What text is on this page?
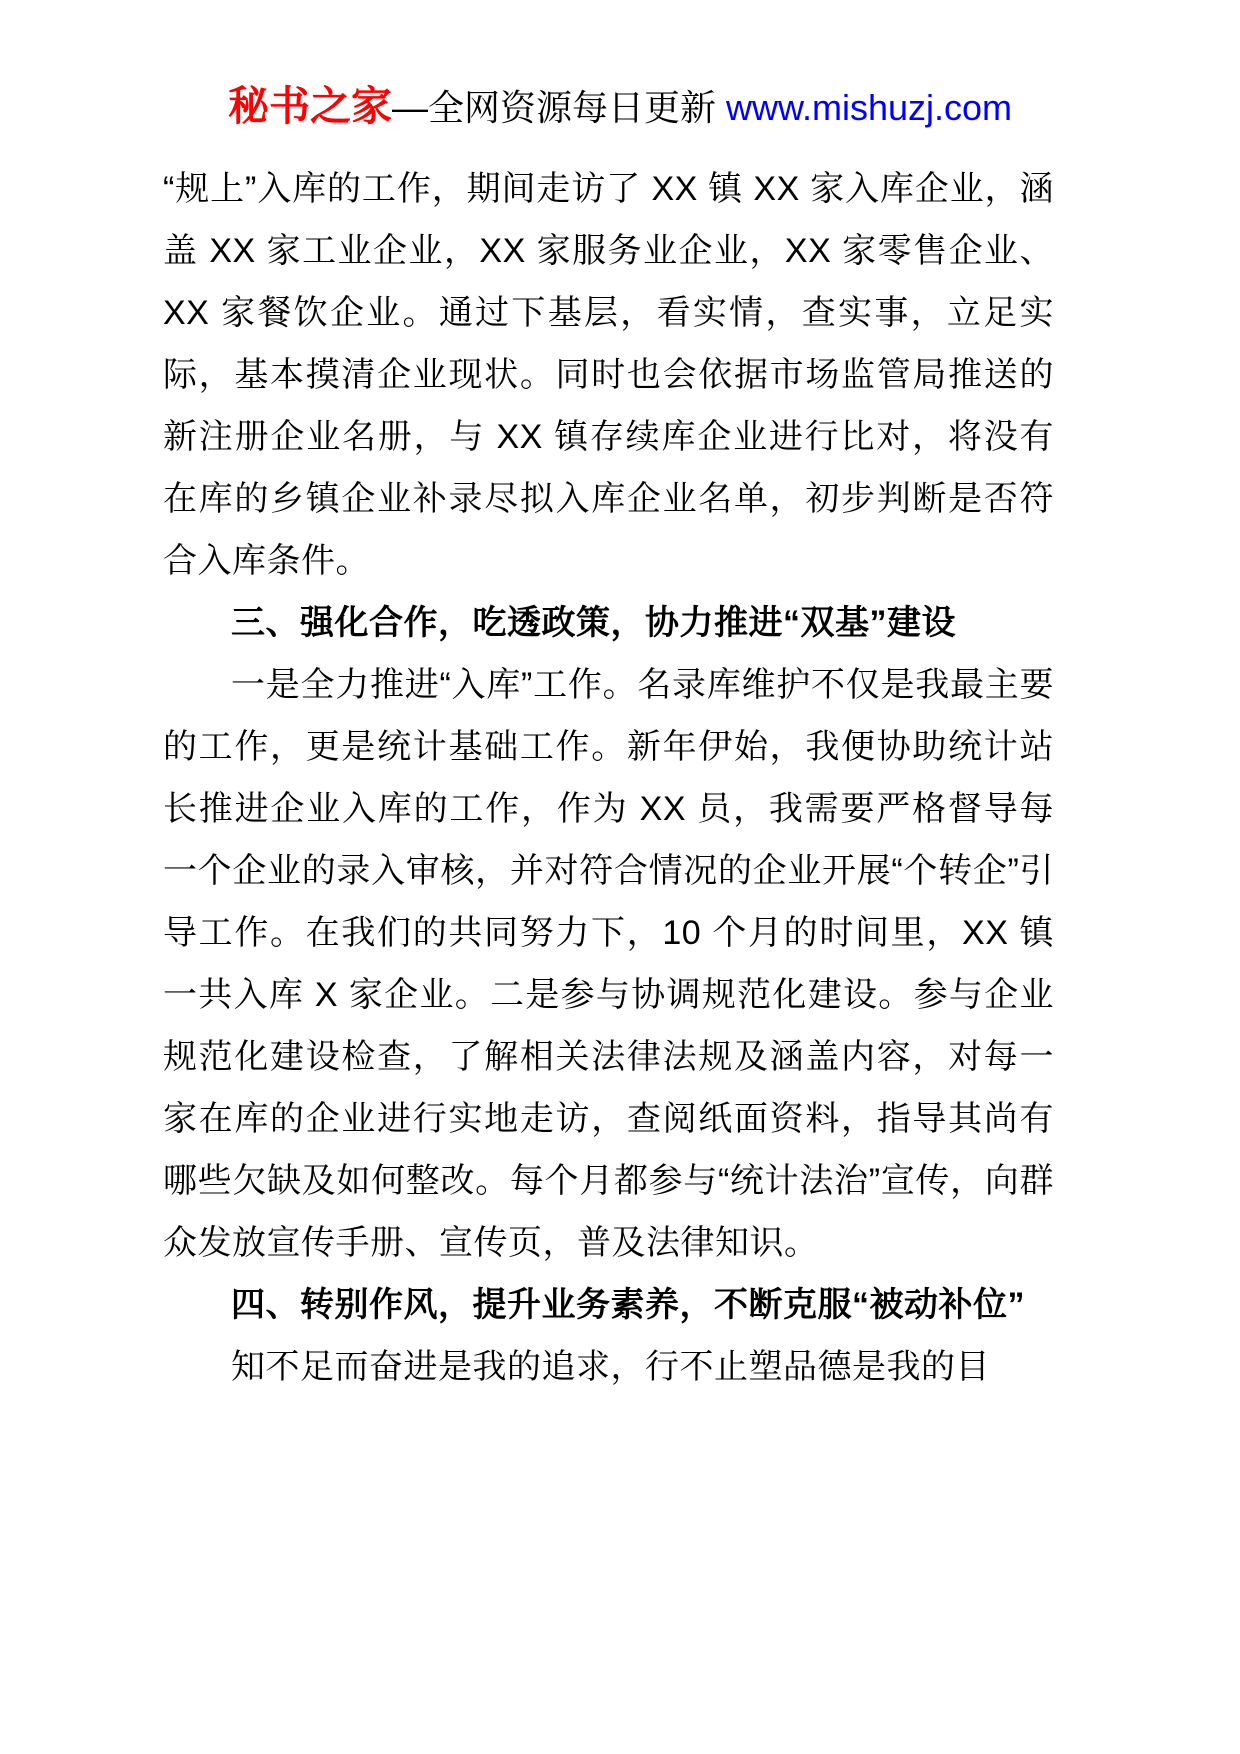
秘书之家—全网资源每日更新 www.mishuzj.com

“规上”入库的工作，期间走访了 XX 镇 XX 家入库企业，涵盖 XX 家工业企业，XX 家服务业企业，XX 家零售企业、XX 家餐饮企业。通过下基层，看实情，查实事，立足实际，基本摸清企业现状。同时也会依据市场监管局推送的新注册企业名册，与 XX 镇存续库企业进行比对，将没有在库的乡镇企业补录尽拟入库企业名单，初步判断是否符合入库条件。

三、强化合作，吃透政策，协力推进“双基”建设

一是全力推进“入库”工作。名录库维护不仅是我最主要的工作，更是统计基础工作。新年伊始，我便协助统计站长推进企业入库的工作，作为 XX 员，我需要严格督导每一个企业的录入审核，并对符合情况的企业开展“个转企”引导工作。在我们的共同努力下，10 个月的时间里，XX 镇一共入库 X 家企业。二是参与协调规范化建设。参与企业规范化建设检查，了解相关法律法规及涵盖内容，对每一家在库的企业进行实地走访，查阅纸面资料，指导其尚有哪些欠缺及如何整改。每个月都参与“统计法治”宣传，向群众发放宣传手册、宣传页，普及法律知识。

四、转别作风，提升业务素养，不断克服“被动补位”

知不足而奋进是我的追求，行不止塑品德是我的目
